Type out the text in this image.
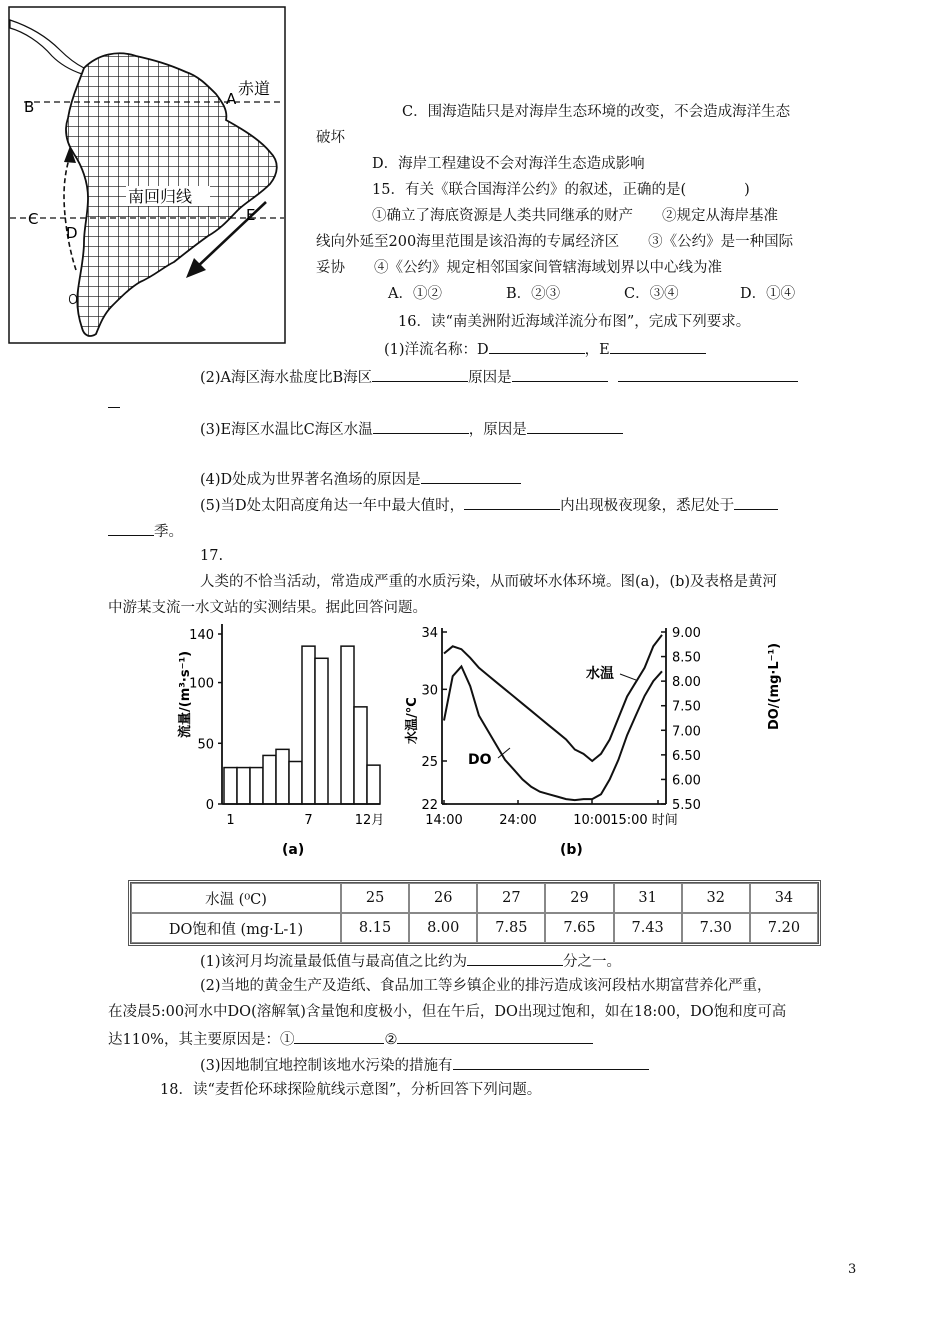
赤道
A
B
南回归线
C
D
E
C．围海造陆只是对海岸生态环境的改变，不会造成海洋生态
破坏
D．海岸工程建设不会对海洋生态造成影响
15．有关《联合国海洋公约》的叙述，正确的是(　　　　)
①确立了海底资源是人类共同继承的财产　　②规定从海岸基准
线向外延至200海里范围是该沿海的专属经济区　　③《公约》是一种国际
妥协　　④《公约》规定相邻国家间管辖海域划界以中心线为准
A．①②	B．②③	C．③④	D．①④
16．读“南美洲附近海域洋流分布图”，完成下列要求。
(1)洋流名称：D	，E
(2)A海区海水盐度比B海区	原因是
(3)E海区水温比C海区水温	，原因是
(4)D处成为世界著名渔场的原因是
(5)当D处太阳高度角达一年中最大值时，	内出现极夜现象，悉尼处于
季。
17.
人类的不恰当活动，常造成严重的水质污染，从而破坏水体环境。图(a)，(b)及表格是黄河
中游某支流一水文站的实测结果。据此回答问题。
0
50
100
140
1	7	12月
流量/(m³·s⁻¹)
(a)
22
25
30
34
5.50
6.00
6.50
7.00
7.50
8.00
8.50
9.00
14:00	24:00	10:00 15:00 时间
水温
DO
水温/°C	DO/(mg·L⁻¹)
(b)
水温 (⁰C)	25	26	27	29	31	32	34
DO饱和值 (mg·L-1)	8.15	8.00	7.85	7.65	7.43	7.30	7.20
(1)该河月均流量最低值与最高值之比约为	分之一。
(2)当地的黄金生产及造纸、食品加工等乡镇企业的排污造成该河段枯水期富营养化严重，
在凌晨5:00河水中DO(溶解氧)含量饱和度极小，但在午后，DO出现过饱和，如在18:00，DO饱和度可高
达110%，其主要原因是：①	②
(3)因地制宜地控制该地水污染的措施有
18．读“麦哲伦环球探险航线示意图”，分析回答下列问题。
3
